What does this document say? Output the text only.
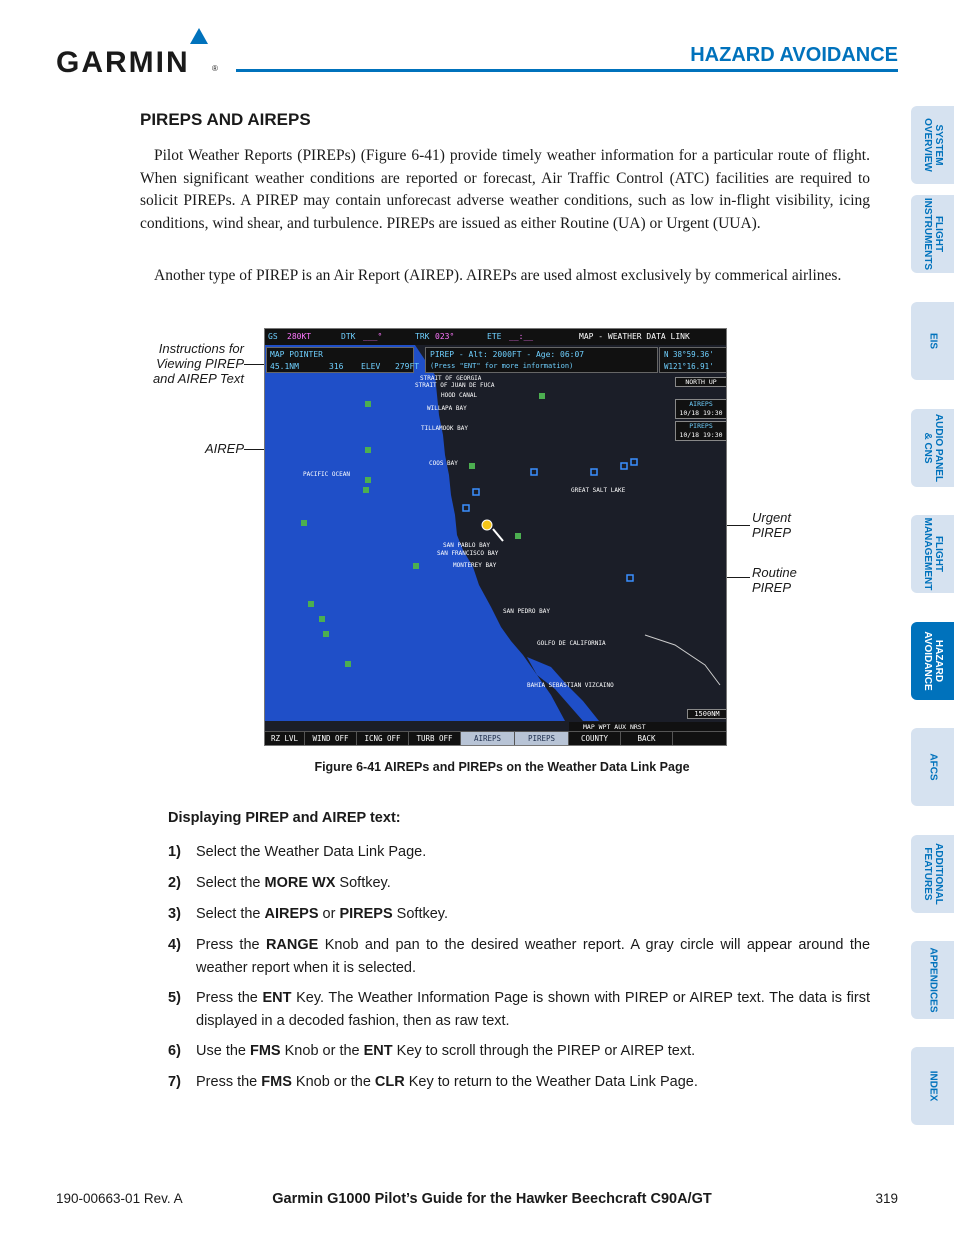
GARMIN	®
HAZARD AVOIDANCE
SYSTEM
OVERVIEW
FLIGHT
INSTRUMENTS
EIS
AUDIO PANEL
& CNS
FLIGHT
MANAGEMENT
HAZARD
AVOIDANCE
AFCS
ADDITIONAL
FEATURES
APPENDICES
INDEX
PIREPS AND AIREPS
Pilot Weather Reports (PIREPs) (Figure 6-41) provide timely weather information for a particular route of flight. When significant weather conditions are reported or forecast, Air Traffic Control (ATC) facilities are required to solicit PIREPs. A PIREP may contain unforecast adverse weather conditions, such as low in-flight visibility, icing conditions, wind shear, and turbulence. PIREPs are issued as either Routine (UA) or Urgent (UUA).
Another type of PIREP is an Air Report (AIREP). AIREPs are used almost exclusively by commerical airlines.
Instructions for
Viewing PIREP
and AIREP Text
AIREP
Urgent
PIREP
Routine
PIREP
GS 280KT	DTK ___°	TRK 023°	ETE __:__	MAP - WEATHER DATA LINK
STRAIT OF GEORGIA
STRAIT OF JUAN DE FUCA
HOOD CANAL
WILLAPA BAY
TILLAMOOK BAY
PACIFIC OCEAN
COOS BAY
GREAT SALT LAKE
SAN PABLO BAY
SAN FRANCISCO BAY
MONTEREY BAY
SAN PEDRO BAY
GOLFO DE CALIFORNIA
BAHIA SEBASTIAN VIZCAINO
MAP POINTER
45.1NM	316 ELEV 279FT
PIREP - Alt: 2000FT - Age: 06:07
(Press "ENT" for more information)
N 38°59.36'
W121°16.91'
NORTH UP
AIREPS
10/18 19:30
PIREPS
10/18 19:30
1500NM
MAP WPT AUX NRST
RZ LVL	WIND OFF	ICNG OFF	TURB OFF	AIREPS	PIREPS	COUNTY	BACK
Figure 6-41 AIREPs and PIREPs on the Weather Data Link Page
Displaying PIREP and AIREP text:
1) Select the Weather Data Link Page.
2) Select the MORE WX Softkey.
3) Select the AIREPS or PIREPS Softkey.
4) Press the RANGE Knob and pan to the desired weather report. A gray circle will appear around the weather report when it is selected.
5) Press the ENT Key. The Weather Information Page is shown with PIREP or AIREP text. The data is first displayed in a decoded fashion, then as raw text.
6) Use the FMS Knob or the ENT Key to scroll through the PIREP or AIREP text.
7) Press the FMS Knob or the CLR Key to return to the Weather Data Link Page.
190-00663-01 Rev. A	Garmin G1000 Pilot’s Guide for the Hawker Beechcraft C90A/GT	319
